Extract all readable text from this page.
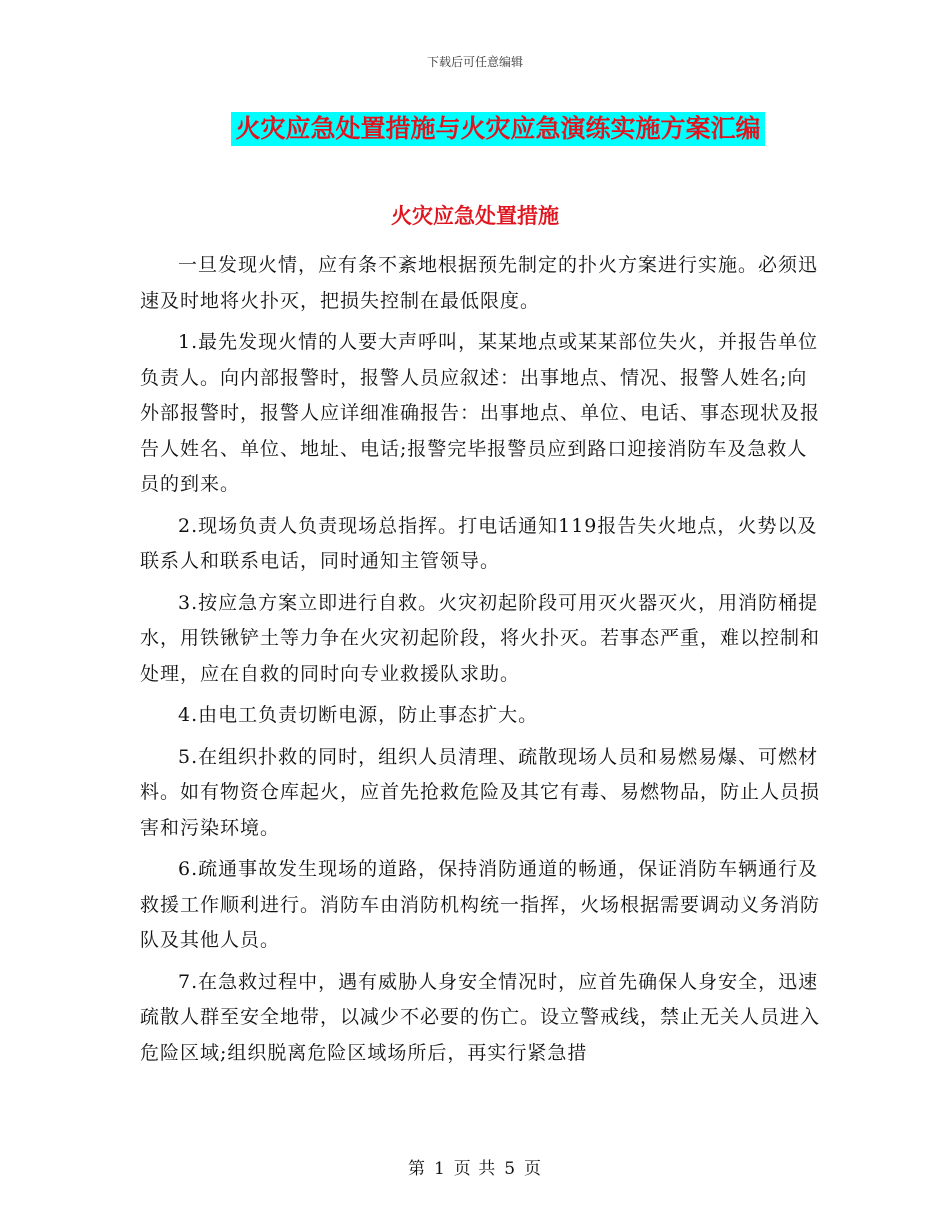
下载后可任意编辑
火灾应急处置措施与火灾应急演练实施方案汇编
火灾应急处置措施

一旦发现火情，应有条不紊地根据预先制定的扑火方案进行实施。必须迅速及时地将火扑灭，把损失控制在最低限度。

1.最先发现火情的人要大声呼叫，某某地点或某某部位失火，并报告单位负责人。向内部报警时，报警人员应叙述：出事地点、情况、报警人姓名;向外部报警时，报警人应详细准确报告：出事地点、单位、电话、事态现状及报告人姓名、单位、地址、电话;报警完毕报警员应到路口迎接消防车及急救人员的到来。

2.现场负责人负责现场总指挥。打电话通知119报告失火地点，火势以及联系人和联系电话，同时通知主管领导。

3.按应急方案立即进行自救。火灾初起阶段可用灭火器灭火，用消防桶提水，用铁锹铲土等力争在火灾初起阶段，将火扑灭。若事态严重，难以控制和处理，应在自救的同时向专业救援队求助。

4.由电工负责切断电源，防止事态扩大。

5.在组织扑救的同时，组织人员清理、疏散现场人员和易燃易爆、可燃材料。如有物资仓库起火，应首先抢救危险及其它有毒、易燃物品，防止人员损害和污染环境。

6.疏通事故发生现场的道路，保持消防通道的畅通，保证消防车辆通行及救援工作顺利进行。消防车由消防机构统一指挥，火场根据需要调动义务消防队及其他人员。

7.在急救过程中，遇有威胁人身安全情况时，应首先确保人身安全，迅速疏散人群至安全地带，以减少不必要的伤亡。设立警戒线，禁止无关人员进入危险区域;组织脱离危险区域场所后，再实行紧急措

第 1 页 共 5 页
